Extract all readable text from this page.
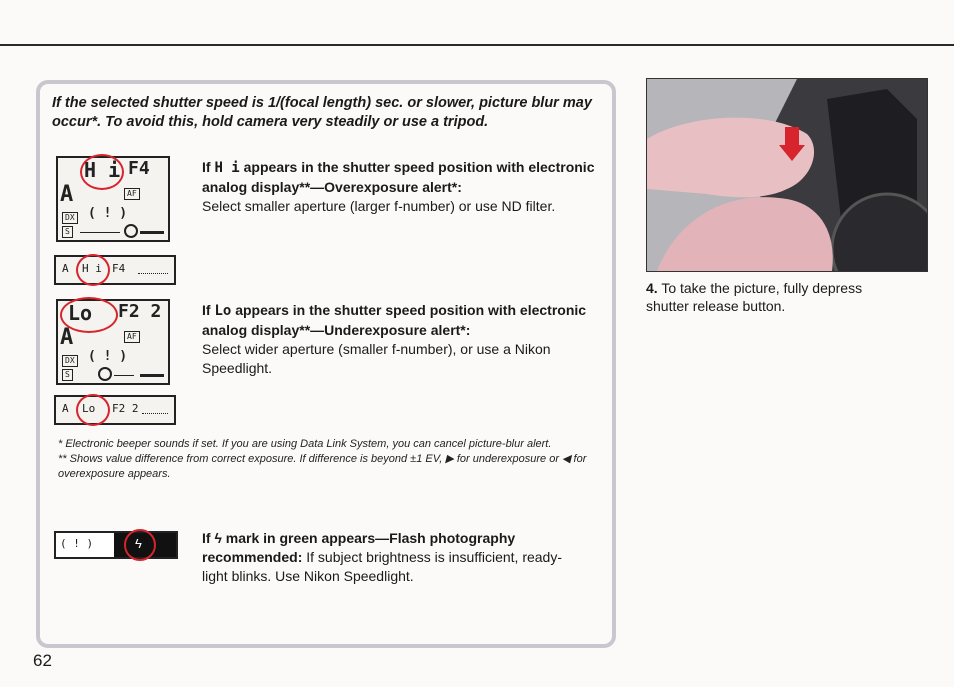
If the selected shutter speed is 1/(focal length) sec. or slower, picture blur may occur*. To avoid this, hold camera very steadily or use a tripod.
H i F4
A	AF
DX ( ! )
S
A H i F4
If H i appears in the shutter speed position with electronic analog display**—Overexposure alert*:
Select smaller aperture (larger f-number) or use ND filter.
Lo F2 2
A	AF
DX ( ! )
S
A Lo F2 2
If Lo appears in the shutter speed position with electronic analog display**—Underexposure alert*:
Select wider aperture (smaller f-number), or use a Nikon Speedlight.
* Electronic beeper sounds if set. If you are using Data Link System, you can cancel picture-blur alert.
** Shows value difference from correct exposure. If difference is beyond ±1 EV, ▶ for underexposure or ◀ for overexposure appears.
( ! )	ϟ	If ϟ mark in green appears—Flash photography recommended: If subject brightness is insufficient, ready-light blinks. Use Nikon Speedlight.
4. To take the picture, fully depress shutter release button.
62
